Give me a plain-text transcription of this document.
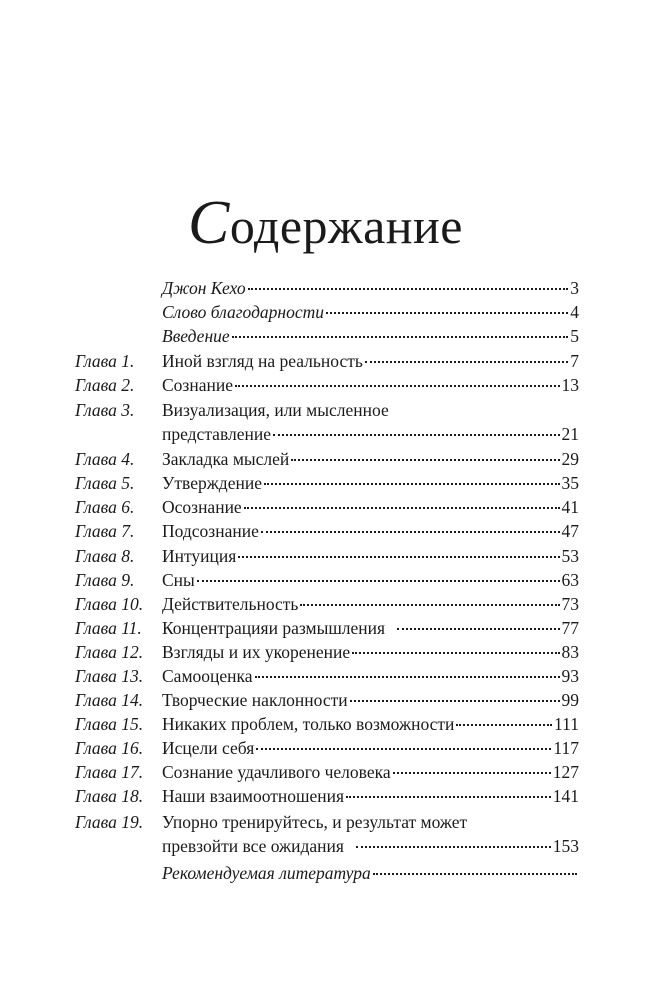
Содержание
Джон Кехо	3
Слово благодарности	4
Введение	5
Глава 1. Иной взгляд на реальность	7
Глава 2. Сознание	13
Глава 3. Визуализация, или мысленное
представление	21
Глава 4. Закладка мыслей	29
Глава 5. Утверждение	35
Глава 6. Осознание	41
Глава 7. Подсознание	47
Глава 8. Интуиция	53
Глава 9. Сны	63
Глава 10. Действительность	73
Глава 11. Концентрацияи размышления	77
Глава 12. Взгляды и их укоренение	83
Глава 13. Самооценка	93
Глава 14. Творческие наклонности	99
Глава 15. Никаких проблем, только возможности	111
Глава 16. Исцели себя	117
Глава 17. Сознание удачливого человека	127
Глава 18. Наши взаимоотношения	141
Глава 19. Упорно тренируйтесь, и результат может
превзойти все ожидания	153
Рекомендуемая литература
